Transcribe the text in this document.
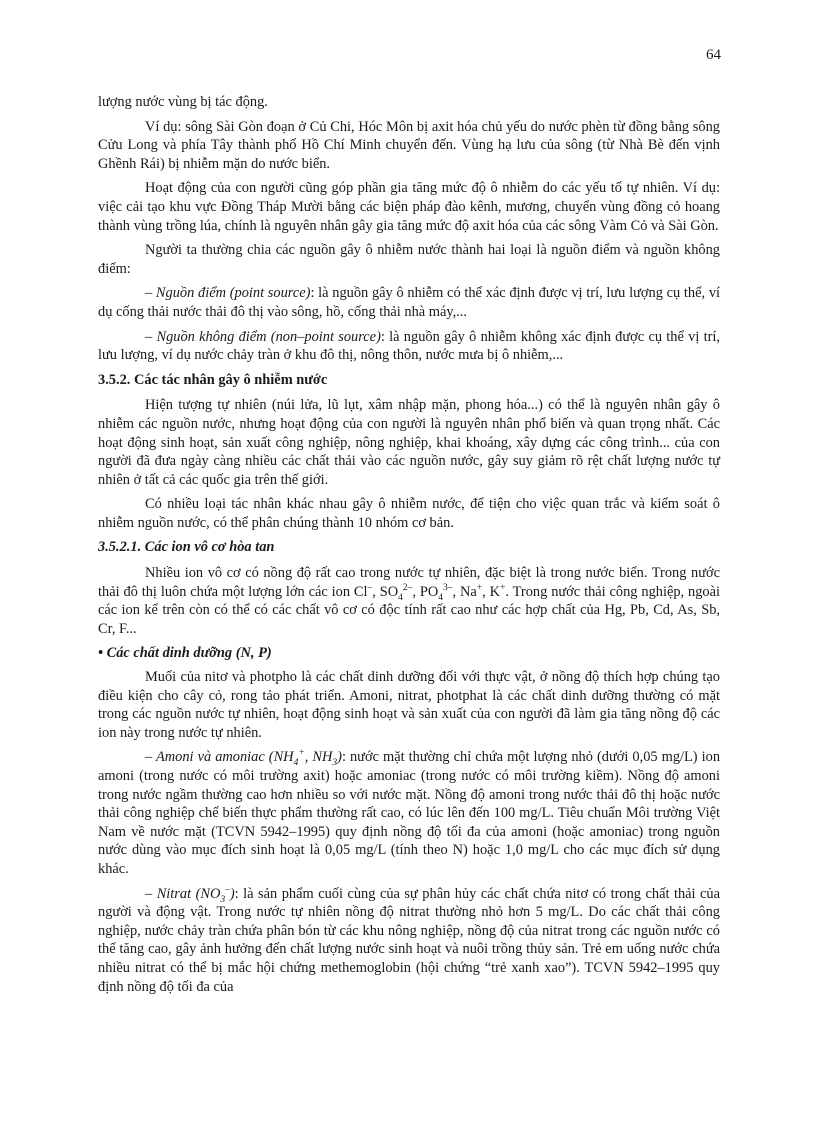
64

lượng nước vùng bị tác động.

Ví dụ: sông Sài Gòn đoạn ở Củ Chi, Hóc Môn bị axit hóa chủ yếu do nước phèn từ đồng bằng sông Cửu Long và phía Tây thành phố Hồ Chí Minh chuyển đến. Vùng hạ lưu của sông (từ Nhà Bè đến vịnh Ghềnh Rái) bị nhiễm mặn do nước biển.

Hoạt động của con người cũng góp phần gia tăng mức độ ô nhiễm do các yếu tố tự nhiên. Ví dụ: việc cải tạo khu vực Đồng Tháp Mười bằng các biện pháp đào kênh, mương, chuyển vùng đồng cỏ hoang thành vùng trồng lúa, chính là nguyên nhân gây gia tăng mức độ axit hóa của các sông Vàm Cỏ và Sài Gòn.

Người ta thường chia các nguồn gây ô nhiễm nước thành hai loại là nguồn điểm và nguồn không điểm:

– Nguồn điểm (point source): là nguồn gây ô nhiễm có thể xác định được vị trí, lưu lượng cụ thể, ví dụ cống thải nước thải đô thị vào sông, hồ, cống thải nhà máy,...

– Nguồn không điểm (non–point source): là nguồn gây ô nhiễm không xác định được cụ thể vị trí, lưu lượng, ví dụ nước chảy tràn ở khu đô thị, nông thôn, nước mưa bị ô nhiễm,...

3.5.2. Các tác nhân gây ô nhiễm nước

Hiện tượng tự nhiên (núi lửa, lũ lụt, xâm nhập mặn, phong hóa...) có thể là nguyên nhân gây ô nhiễm các nguồn nước, nhưng hoạt động của con người là nguyên nhân phổ biến và quan trọng nhất. Các hoạt động sinh hoạt, sản xuất công nghiệp, nông nghiệp, khai khoáng, xây dựng các công trình... của con người đã đưa ngày càng nhiều các chất thải vào các nguồn nước, gây suy giảm rõ rệt chất lượng nước tự nhiên ở tất cả các quốc gia trên thế giới.

Có nhiều loại tác nhân khác nhau gây ô nhiễm nước, để tiện cho việc quan trắc và kiểm soát ô nhiễm nguồn nước, có thể phân chúng thành 10 nhóm cơ bản.

3.5.2.1. Các ion vô cơ hòa tan

Nhiều ion vô cơ có nồng độ rất cao trong nước tự nhiên, đặc biệt là trong nước biển. Trong nước thải đô thị luôn chứa một lượng lớn các ion Cl–, $SO_4^{2-}$, $PO_4^{3-}$, Na+, K+. Trong nước thải công nghiệp, ngoài các ion kể trên còn có thể có các chất vô cơ có độc tính rất cao như các hợp chất của Hg, Pb, Cd, As, Sb, Cr, F...

• Các chất dinh dưỡng (N, P)

Muối của nitơ và photpho là các chất dinh dưỡng đối với thực vật, ở nồng độ thích hợp chúng tạo điều kiện cho cây cỏ, rong tảo phát triển. Amoni, nitrat, photphat là các chất dinh dưỡng thường có mặt trong các nguồn nước tự nhiên, hoạt động sinh hoạt và sản xuất của con người đã làm gia tăng nồng độ các ion này trong nước tự nhiên.

– Amoni và amoniac ($NH_4^+$, $NH_3$): nước mặt thường chỉ chứa một lượng nhỏ (dưới 0,05 mg/L) ion amoni (trong nước có môi trường axit) hoặc amoniac (trong nước có môi trường kiềm). Nồng độ amoni trong nước ngầm thường cao hơn nhiều so với nước mặt. Nồng độ amoni trong nước thải đô thị hoặc nước thải công nghiệp chế biến thực phẩm thường rất cao, có lúc lên đến 100 mg/L. Tiêu chuẩn Môi trường Việt Nam về nước mặt (TCVN 5942–1995) quy định nồng độ tối đa của amoni (hoặc amoniac) trong nguồn nước dùng vào mục đích sinh hoạt là 0,05 mg/L (tính theo N) hoặc 1,0 mg/L cho các mục đích sử dụng khác.

– Nitrat $(NO_3^-)$: là sản phẩm cuối cùng của sự phân hủy các chất chứa nitơ có trong chất thải của người và động vật. Trong nước tự nhiên nồng độ nitrat thường nhỏ hơn 5 mg/L. Do các chất thải công nghiệp, nước chảy tràn chứa phân bón từ các khu nông nghiệp, nồng độ của nitrat trong các nguồn nước có thể tăng cao, gây ảnh hưởng đến chất lượng nước sinh hoạt và nuôi trồng thủy sản. Trẻ em uống nước chứa nhiều nitrat có thể bị mắc hội chứng methemoglobin (hội chứng “trẻ xanh xao”). TCVN 5942–1995 quy định nồng độ tối đa của
